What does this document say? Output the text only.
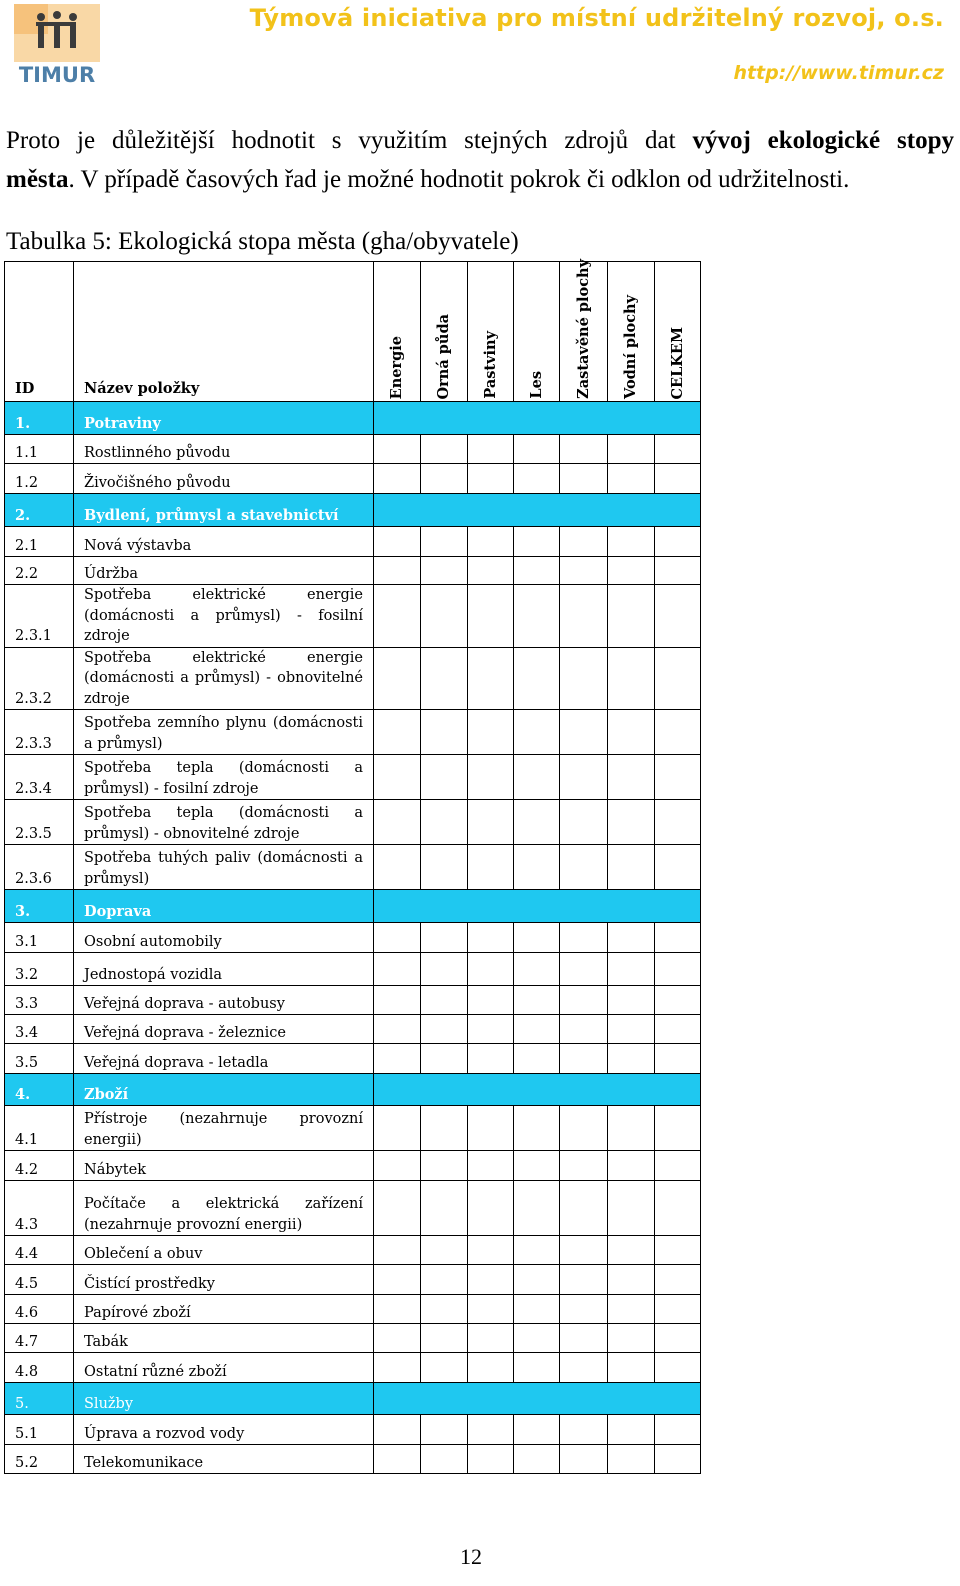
TIMUR
Týmová iniciativa pro místní udržitelný rozvoj, o.s.
http://www.timur.cz
Proto je důležitější hodnotit s využitím stejných zdrojů dat vývoj ekologické stopy
města. V případě časových řad je možné hodnotit pokrok či odklon od udržitelnosti.
Tabulka 5: Ekologická stopa města (gha/obyvatele)
ID	Název položky	Energie	Orná půda	Pastviny	Les	Zastavěné plochy	Vodní plochy	CELKEM

1.	Potraviny							
1.1	Rostlinného původu							
1.2	Živočišného původu							
2.	Bydlení, průmysl a stavebnictví							
2.1	Nová výstavba							
2.2	Údržba							
2.3.1	Spotřeba elektrické energie (domácnosti a průmysl) - fosilní zdroje							
2.3.2	Spotřeba elektrické energie (domácnosti a průmysl) - obnovitelné zdroje							
2.3.3	Spotřeba zemního plynu (domácnosti a průmysl)							
2.3.4	Spotřeba tepla (domácnosti a průmysl) - fosilní zdroje							
2.3.5	Spotřeba tepla (domácnosti a průmysl) - obnovitelné zdroje							
2.3.6	Spotřeba tuhých paliv (domácnosti a průmysl)							
3.	Doprava							
3.1	Osobní automobily							
3.2	Jednostopá vozidla							
3.3	Veřejná doprava - autobusy							
3.4	Veřejná doprava - železnice							
3.5	Veřejná doprava - letadla							
4.	Zboží							
4.1	Přístroje (nezahrnuje provozní energii)							
4.2	Nábytek							
4.3	Počítače a elektrická zařízení (nezahrnuje provozní energii)							
4.4	Oblečení a obuv							
4.5	Čistící prostředky							
4.6	Papírové zboží							
4.7	Tabák							
4.8	Ostatní různé zboží							
5.	Služby							
5.1	Úprava a rozvod vody							
5.2	Telekomunikace							
12
